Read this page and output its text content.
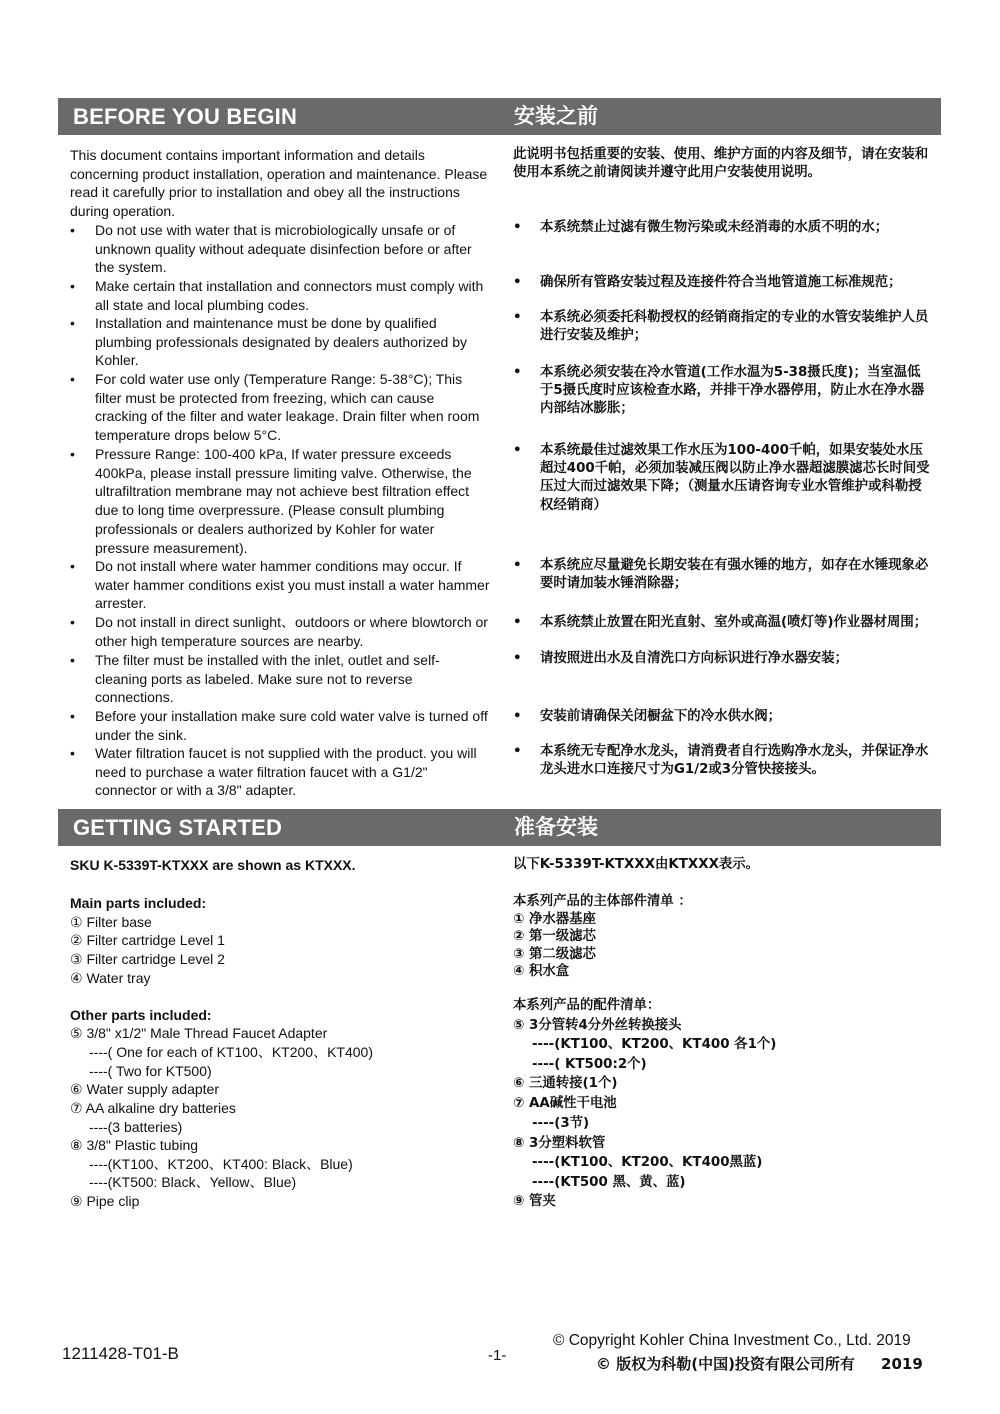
BEFORE YOU BEGIN	安装之前
This document contains important information and details concerning product installation, operation and maintenance. Please read it carefully prior to installation and obey all the instructions during operation.
• Do not use with water that is microbiologically unsafe or of unknown quality without adequate disinfection before or after the system.
• Make certain that installation and connectors must comply with all state and local plumbing codes.
• Installation and maintenance must be done by qualified plumbing professionals designated by dealers authorized by Kohler.
• For cold water use only (Temperature Range: 5-38°C); This filter must be protected from freezing, which can cause cracking of the filter and water leakage. Drain filter when room temperature drops below 5°C.
• Pressure Range: 100-400 kPa, If water pressure exceeds 400kPa, please install pressure limiting valve. Otherwise, the ultrafiltration membrane may not achieve best filtration effect due to long time overpressure. (Please consult plumbing professionals or dealers authorized by Kohler for water pressure measurement).
• Do not install where water hammer conditions may occur. If water hammer conditions exist you must install a water hammer arrester.
• Do not install in direct sunlight、outdoors or where blowtorch or other high temperature sources are nearby.
• The filter must be installed with the inlet, outlet and self-cleaning ports as labeled. Make sure not to reverse connections.
• Before your installation make sure cold water valve is turned off under the sink.
• Water filtration faucet is not supplied with the product. you will need to purchase a water filtration faucet with a G1/2" connector or with a 3/8" adapter.
此说明书包括重要的安装、使用、维护方面的内容及细节，请在安装和使用本系统之前请阅读并遵守此用户安装使用说明。
• 本系统禁止过滤有微生物污染或未经消毒的水质不明的水；
• 确保所有管路安装过程及连接件符合当地管道施工标准规范；
• 本系统必须委托科勒授权的经销商指定的专业的水管安装维护人员进行安装及维护；
• 本系统必须安装在冷水管道(工作水温为5-38摄氏度)；当室温低于5摄氏度时应该检查水路，并排干净水器停用，防止水在净水器内部结冰膨胀；
• 本系统最佳过滤效果工作水压为100-400千帕，如果安装处水压超过400千帕，必须加装减压阀以防止净水器超滤膜滤芯长时间受压过大而过滤效果下降；（测量水压请咨询专业水管维护或科勒授权经销商）
• 本系统应尽量避免长期安装在有强水锤的地方，如存在水锤现象必要时请加装水锤消除器；
• 本系统禁止放置在阳光直射、室外或高温(喷灯等)作业器材周围；
• 请按照进出水及自清洗口方向标识进行净水器安装；
• 安装前请确保关闭橱盆下的冷水供水阀；
• 本系统无专配净水龙头，请消费者自行选购净水龙头，并保证净水龙头进水口连接尺寸为G1/2或3分管快接接头。
GETTING STARTED	准备安装
SKU K-5339T-KTXXX are shown as KTXXX.
Main parts included:
① Filter base
② Filter cartridge Level 1
③ Filter cartridge Level 2
④ Water tray
Other parts included:
⑤ 3/8" x1/2" Male Thread Faucet Adapter
----( One for each of KT100、KT200、KT400)
----( Two for KT500)
⑥ Water supply adapter
⑦ AA alkaline dry batteries
----(3 batteries)
⑧ 3/8" Plastic tubing
----(KT100、KT200、KT400: Black、Blue)
----(KT500: Black、Yellow、Blue)
⑨ Pipe clip
以下K-5339T-KTXXX由KTXXX表示。
本系列产品的主体部件清单 ：
① 净水器基座
② 第一级滤芯
③ 第二级滤芯
④ 积水盒
本系列产品的配件清单：
⑤ 3分管转4分外丝转换接头
----(KT100、KT200、KT400 各1个)
----( KT500:2个)
⑥ 三通转接(1个)
⑦ AA碱性干电池
----(3节)
⑧ 3分塑料软管
----(KT100、KT200、KT400黑蓝)
----(KT500 黑、黄、蓝)
⑨ 管夹
1211428-T01-B	-1-
© Copyright Kohler China Investment Co., Ltd. 2019
© 版权为科勒(中国)投资有限公司所有     2019
